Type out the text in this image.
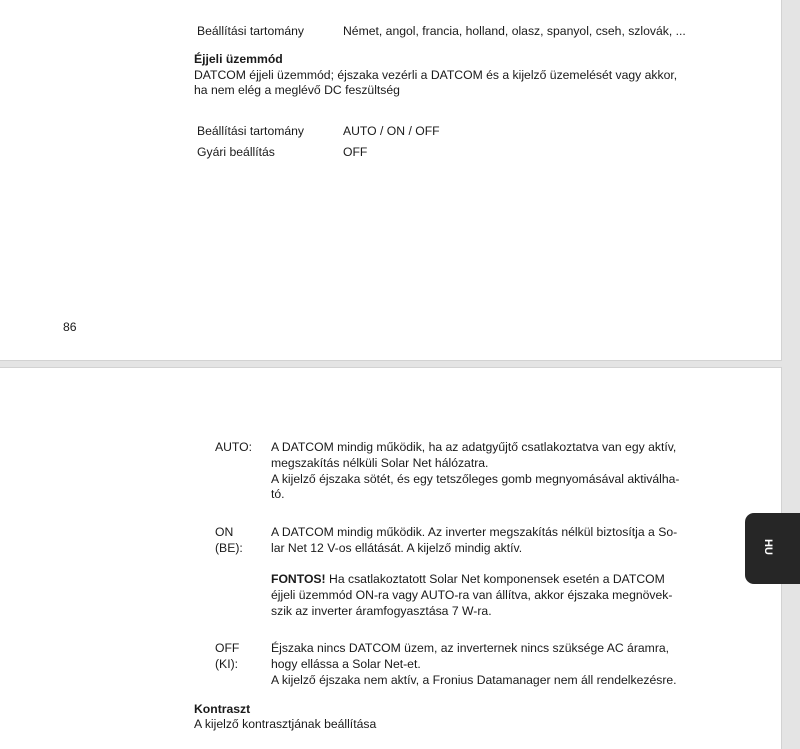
Beállítási tartomány	Német, angol, francia, holland, olasz, spanyol, cseh, szlovák, ...
Éjjeli üzemmód
DATCOM éjjeli üzemmód; éjszaka vezérli a DATCOM és a kijelző üzemelését vagy akkor,
ha nem elég a meglévő DC feszültség
Beállítási tartomány	AUTO / ON / OFF
Gyári beállítás	OFF
86
AUTO: A DATCOM mindig működik, ha az adatgyűjtő csatlakoztatva van egy aktív,
megszakítás nélküli Solar Net hálózatra.
A kijelző éjszaka sötét, és egy tetszőleges gomb megnyomásával aktiválha-
tó.
ON
(BE):
A DATCOM mindig működik. Az inverter megszakítás nélkül biztosítja a So-
lar Net 12 V-os ellátását. A kijelző mindig aktív.
FONTOS! Ha csatlakoztatott Solar Net komponensek esetén a DATCOM
éjjeli üzemmód ON-ra vagy AUTO-ra van állítva, akkor éjszaka megnövek-
szik az inverter áramfogyasztása 7 W-ra.
OFF
(KI):
Éjszaka nincs DATCOM üzem, az inverternek nincs szüksége AC áramra,
hogy ellássa a Solar Net-et.
A kijelző éjszaka nem aktív, a Fronius Datamanager nem áll rendelkezésre.
Kontraszt
A kijelző kontrasztjának beállítása
HU
